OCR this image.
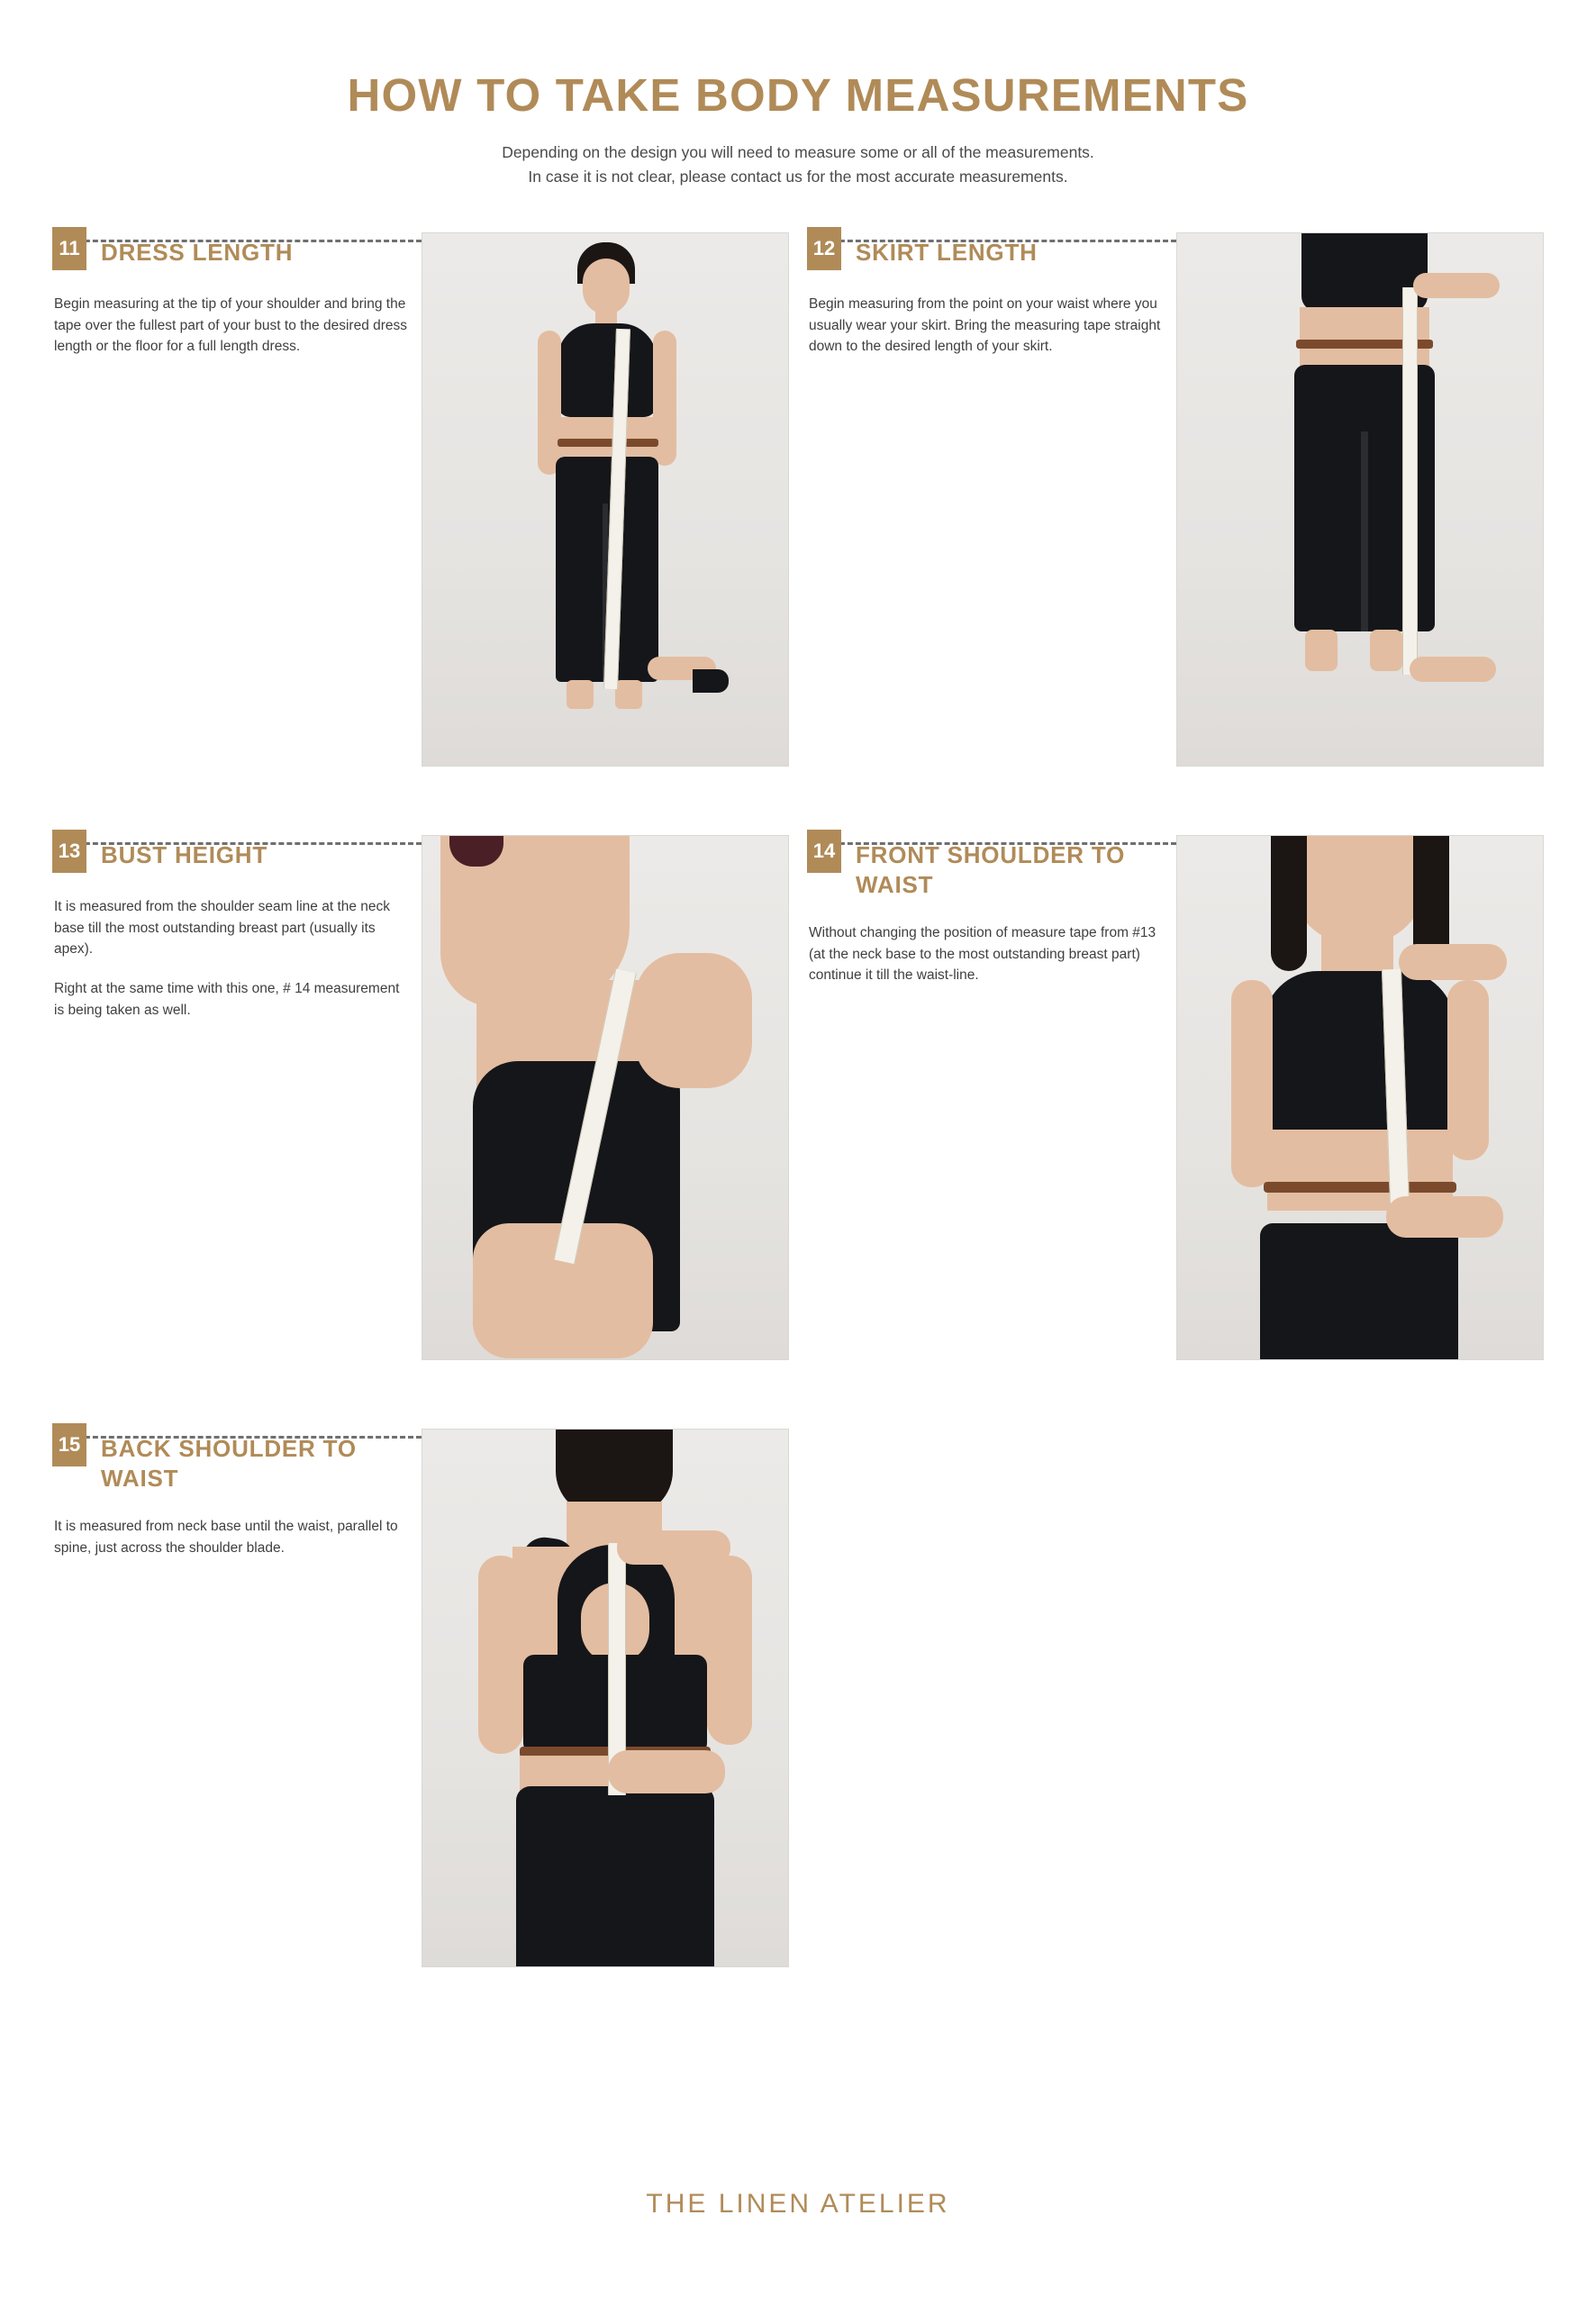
HOW TO TAKE BODY MEASUREMENTS
Depending on the design you will need to measure some or all of the measurements.
In case it is not clear, please contact us for the most accurate measurements.
11 DRESS LENGTH

Begin measuring at the tip of your shoulder and bring the tape over the fullest part of your bust to the desired dress length or the floor for a full length dress.

12 SKIRT LENGTH

Begin measuring from the point on your waist where you usually wear your skirt. Bring the measuring tape straight down to the desired length of your skirt.

13 BUST HEIGHT

It is measured from the shoulder seam line at the neck base till the most outstanding breast part (usually its apex).

Right at the same time with this one, # 14 measurement is being taken as well.

14 FRONT SHOULDER TO WAIST

Without changing the position of measure tape from #13 (at the neck base to the most outstanding breast part) continue it till the waist-line.

15 BACK SHOULDER TO WAIST

It is measured from neck base until the waist, parallel to spine, just across the shoulder blade.

THE LINEN ATELIER
